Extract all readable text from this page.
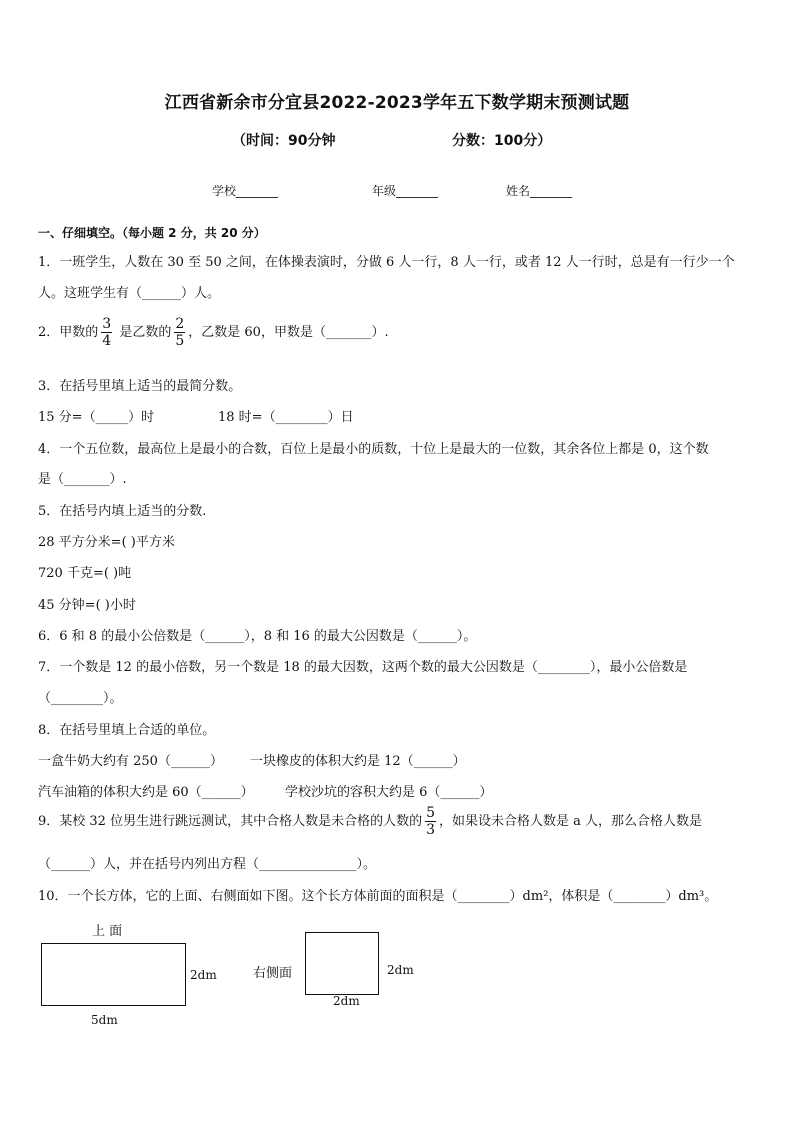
江西省新余市分宜县2022-2023学年五下数学期末预测试题
（时间：90分钟	分数：100分）
学校_______	年级_______	姓名_______
一、仔细填空。（每小题 2 分，共 20 分）
1．一班学生，人数在 30 至 50 之间，在体操表演时，分做 6 人一行，8 人一行，或者 12 人一行时，总是有一行少一个
人。这班学生有（______）人。
2．甲数的 $\frac{3}{4}$ 是乙数的 $\frac{2}{5}$ ，乙数是 60，甲数是（_______）.
3．在括号里填上适当的最简分数。
15 分=（_____）时	18 时=（________）日
4．一个五位数，最高位上是最小的合数，百位上是最小的质数，十位上是最大的一位数，其余各位上都是 0，这个数
是（_______）.
5．在括号内填上适当的分数.
28 平方分米=( )平方米
720 千克=( )吨
45 分钟=( )小时
6．6 和 8 的最小公倍数是（______），8 和 16 的最大公因数是（______）。
7．一个数是 12 的最小倍数，另一个数是 18 的最大因数，这两个数的最大公因数是（________），最小公倍数是
（________）。
8．在括号里填上合适的单位。
一盒牛奶大约有 250（______） 一块橡皮的体积大约是 12（______）
汽车油箱的体积大约是 60（______） 学校沙坑的容积大约是 6（______）
9．某校 32 位男生进行跳远测试，其中合格人数是未合格的人数的 $\frac{5}{3}$ ，如果设未合格人数是 a 人，那么合格人数是
（______）人，并在括号内列出方程（_______________）。
10．一个长方体，它的上面、右侧面如下图。这个长方体前面的面积是（________）dm²，体积是（________）dm³。
上 面
2dm
5dm
右侧面	2dm
2dm
